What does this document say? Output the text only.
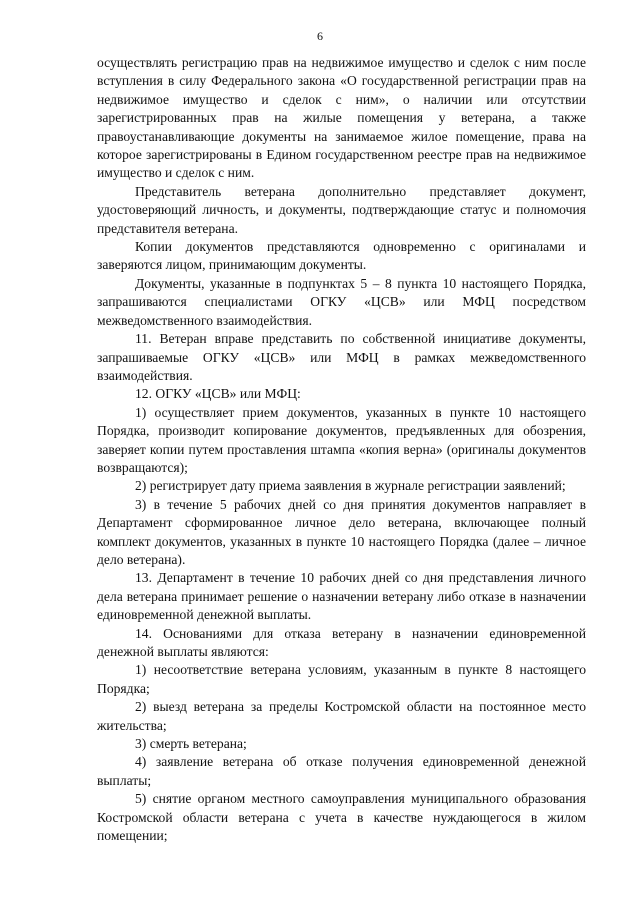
6

осуществлять регистрацию прав на недвижимое имущество и сделок с ним после вступления в силу Федерального закона «О государственной регистрации прав на недвижимое имущество и сделок с ним», о наличии или отсутствии зарегистрированных прав на жилые помещения у ветерана, а также правоустанавливающие документы на занимаемое жилое помещение, права на которое зарегистрированы в Едином государственном реестре прав на недвижимое имущество и сделок с ним.

Представитель ветерана дополнительно представляет документ, удостоверяющий личность, и документы, подтверждающие статус и полномочия представителя ветерана.

Копии документов представляются одновременно с оригиналами и заверяются лицом, принимающим документы.

Документы, указанные в подпунктах 5 – 8 пункта 10 настоящего Порядка, запрашиваются специалистами ОГКУ «ЦСВ» или МФЦ посредством межведомственного взаимодействия.

11. Ветеран вправе представить по собственной инициативе документы, запрашиваемые ОГКУ «ЦСВ» или МФЦ в рамках межведомственного взаимодействия.

12. ОГКУ «ЦСВ» или МФЦ:

1) осуществляет прием документов, указанных в пункте 10 настоящего Порядка, производит копирование документов, предъявленных для обозрения, заверяет копии путем проставления штампа «копия верна» (оригиналы документов возвращаются);

2) регистрирует дату приема заявления в журнале регистрации заявлений;

3) в течение 5 рабочих дней со дня принятия документов направляет в Департамент сформированное личное дело ветерана, включающее полный комплект документов, указанных в пункте 10 настоящего Порядка (далее – личное дело ветерана).

13. Департамент в течение 10 рабочих дней со дня представления личного дела ветерана принимает решение о назначении ветерану либо отказе в назначении единовременной денежной выплаты.

14. Основаниями для отказа ветерану в назначении единовременной денежной выплаты являются:

1) несоответствие ветерана условиям, указанным в пункте 8 настоящего Порядка;

2) выезд ветерана за пределы Костромской области на постоянное место жительства;

3) смерть ветерана;

4) заявление ветерана об отказе получения единовременной денежной выплаты;

5) снятие органом местного самоуправления муниципального образования Костромской области ветерана с учета в качестве нуждающегося в жилом помещении;
